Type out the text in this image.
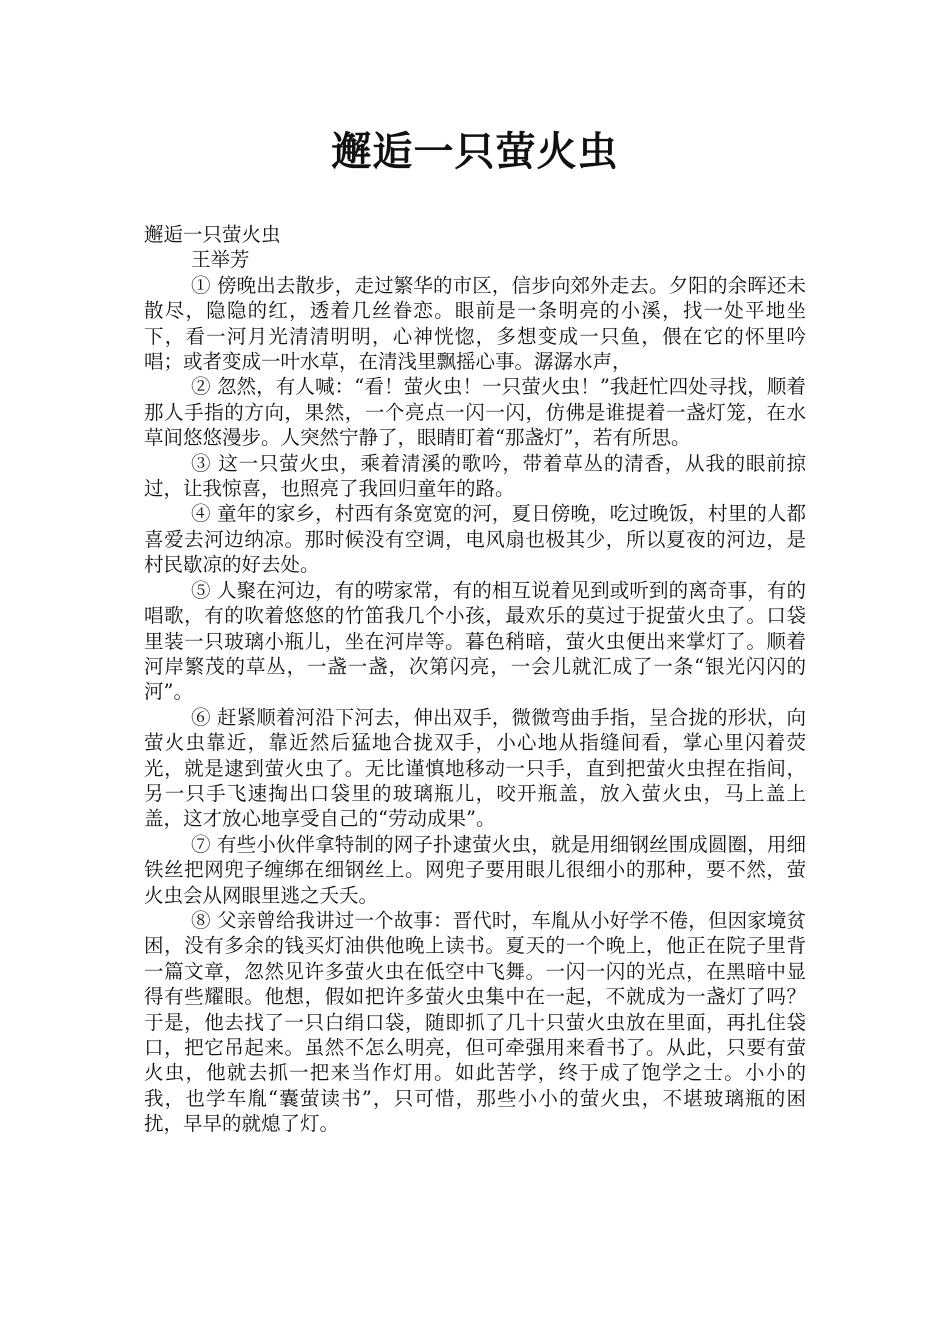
邂逅一只萤火虫

邂逅一只萤火虫

王举芳

① 傍晚出去散步，走过繁华的市区，信步向郊外走去。夕阳的余晖还未散尽，隐隐的红，透着几丝眷恋。眼前是一条明亮的小溪，找一处平地坐下，看一河月光清清明明，心神恍惚，多想变成一只鱼，偎在它的怀里吟唱；或者变成一叶水草，在清浅里飘摇心事。潺潺水声，

② 忽然，有人喊：“看！萤火虫！一只萤火虫！”我赶忙四处寻找，顺着那人手指的方向，果然，一个亮点一闪一闪，仿佛是谁提着一盏灯笼，在水草间悠悠漫步。人突然宁静了，眼睛盯着“那盏灯”，若有所思。

③ 这一只萤火虫，乘着清溪的歌吟，带着草丛的清香，从我的眼前掠过，让我惊喜，也照亮了我回归童年的路。

④ 童年的家乡，村西有条宽宽的河，夏日傍晚，吃过晚饭，村里的人都喜爱去河边纳凉。那时候没有空调，电风扇也极其少，所以夏夜的河边，是村民歇凉的好去处。

⑤ 人聚在河边，有的唠家常，有的相互说着见到或听到的离奇事，有的唱歌，有的吹着悠悠的竹笛我几个小孩，最欢乐的莫过于捉萤火虫了。口袋里装一只玻璃小瓶儿，坐在河岸等。暮色稍暗，萤火虫便出来掌灯了。顺着河岸繁茂的草丛，一盏一盏，次第闪亮，一会儿就汇成了一条“银光闪闪的河”。

⑥ 赶紧顺着河沿下河去，伸出双手，微微弯曲手指，呈合拢的形状，向萤火虫靠近，靠近然后猛地合拢双手，小心地从指缝间看，掌心里闪着荧光，就是逮到萤火虫了。无比谨慎地移动一只手，直到把萤火虫捏在指间，另一只手飞速掏出口袋里的玻璃瓶儿，咬开瓶盖，放入萤火虫，马上盖上盖，这才放心地享受自己的“劳动成果”。

⑦ 有些小伙伴拿特制的网子扑逮萤火虫，就是用细钢丝围成圆圈，用细铁丝把网兜子缠绑在细钢丝上。网兜子要用眼儿很细小的那种，要不然，萤火虫会从网眼里逃之夭夭。

⑧ 父亲曾给我讲过一个故事：晋代时，车胤从小好学不倦，但因家境贫困，没有多余的钱买灯油供他晚上读书。夏天的一个晚上，他正在院子里背一篇文章，忽然见许多萤火虫在低空中飞舞。一闪一闪的光点，在黑暗中显得有些耀眼。他想，假如把许多萤火虫集中在一起，不就成为一盏灯了吗？于是，他去找了一只白绢口袋，随即抓了几十只萤火虫放在里面，再扎住袋口，把它吊起来。虽然不怎么明亮，但可牵强用来看书了。从此，只要有萤火虫，他就去抓一把来当作灯用。如此苦学，终于成了饱学之士。小小的我，也学车胤“囊萤读书”，只可惜，那些小小的萤火虫，不堪玻璃瓶的困扰，早早的就熄了灯。
